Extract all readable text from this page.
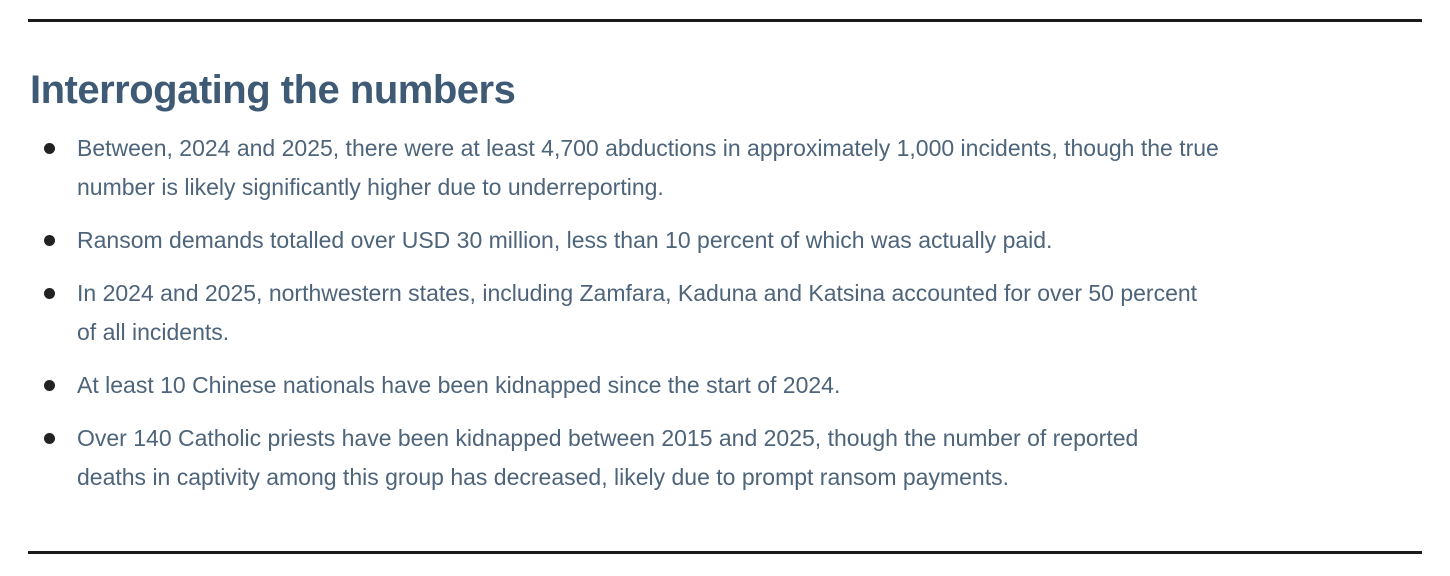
Interrogating the numbers
Between, 2024 and 2025, there were at least 4,700 abductions in approximately 1,000 incidents, though the true
number is likely significantly higher due to underreporting.
Ransom demands totalled over USD 30 million, less than 10 percent of which was actually paid.
In 2024 and 2025, northwestern states, including Zamfara, Kaduna and Katsina accounted for over 50 percent
of all incidents.
At least 10 Chinese nationals have been kidnapped since the start of 2024.
Over 140 Catholic priests have been kidnapped between 2015 and 2025, though the number of reported
deaths in captivity among this group has decreased, likely due to prompt ransom payments.
